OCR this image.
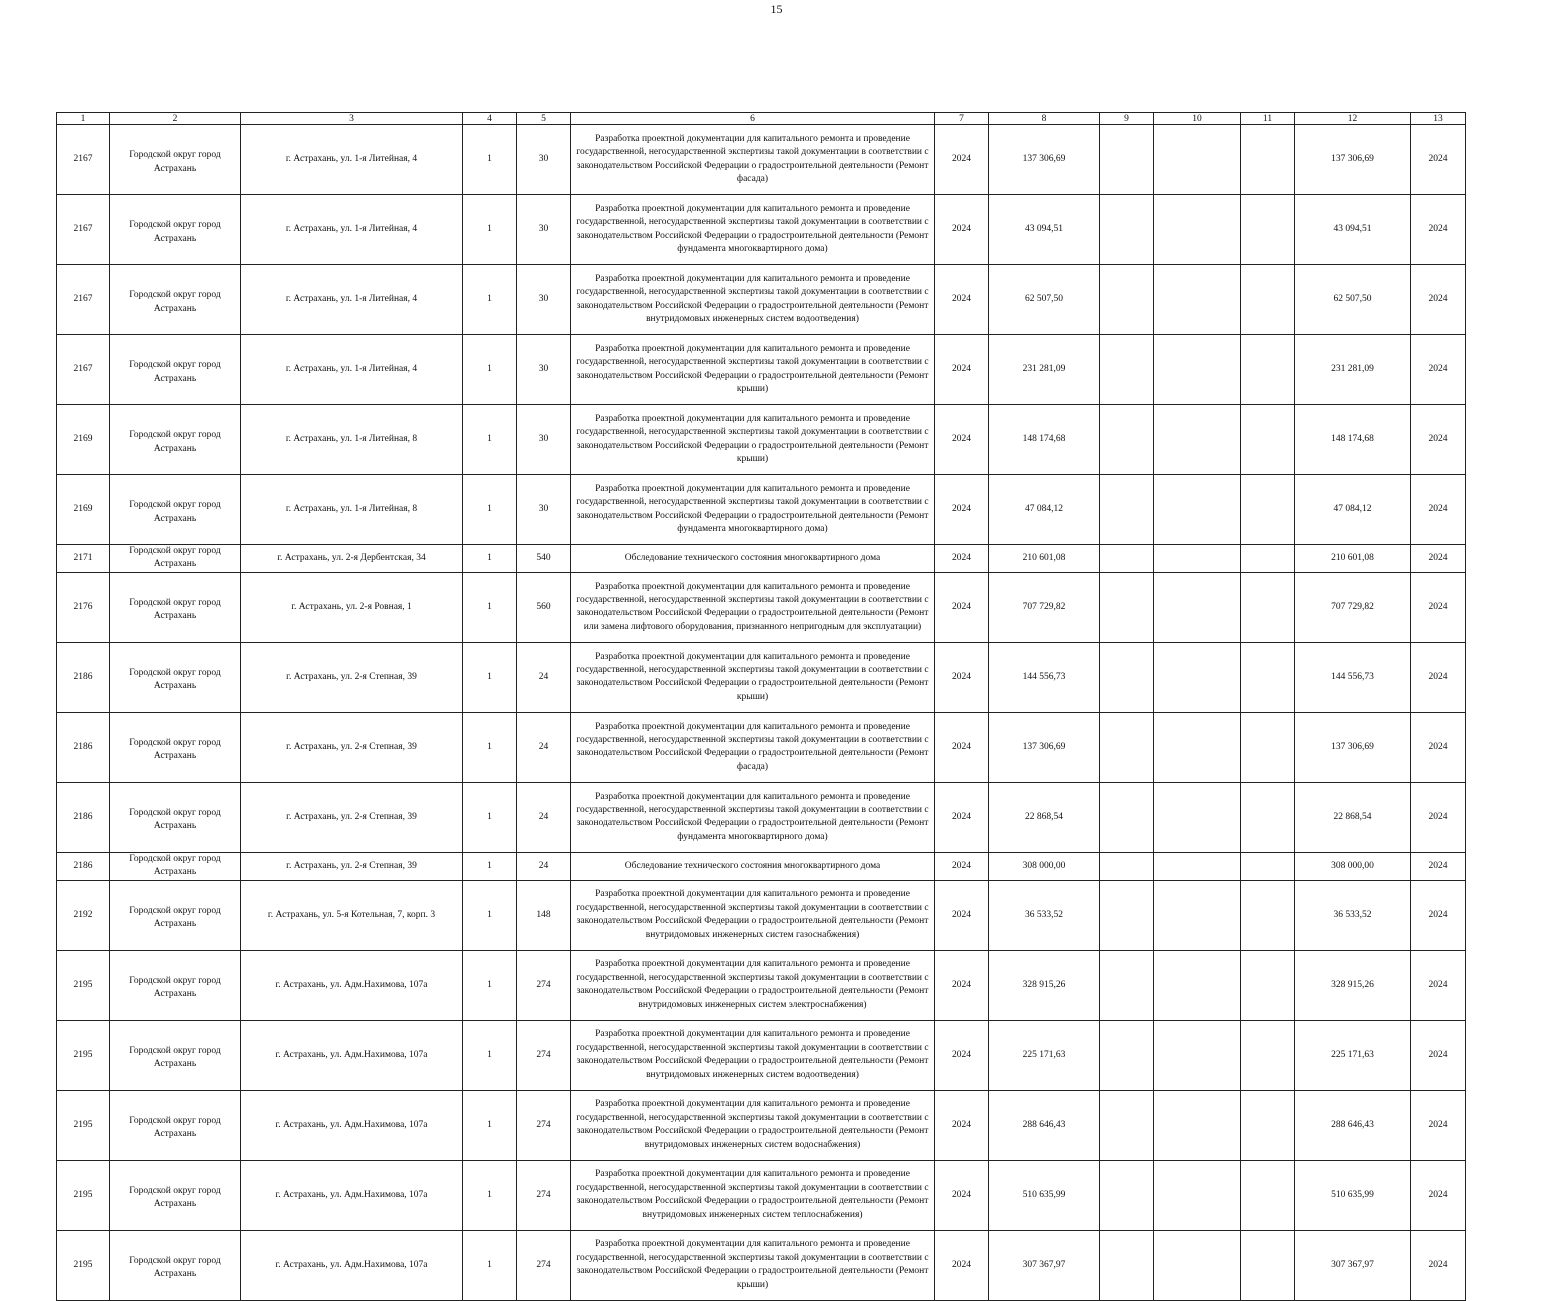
15
1	2	3	4	5	6	7	8	9	10	11	12	13
2167	Городской округ город Астрахань	г. Астрахань, ул. 1-я Литейная, 4	1	30	Разработка проектной документации для капитального ремонта и проведение государственной, негосударственной экспертизы такой документации в соответствии с законодательством Российской Федерации о градостроительной деятельности (Ремонт фасада)	2024	137 306,69				137 306,69	2024
2167	Городской округ город Астрахань	г. Астрахань, ул. 1-я Литейная, 4	1	30	Разработка проектной документации для капитального ремонта и проведение государственной, негосударственной экспертизы такой документации в соответствии с законодательством Российской Федерации о градостроительной деятельности (Ремонт фундамента многоквартирного дома)	2024	43 094,51				43 094,51	2024
2167	Городской округ город Астрахань	г. Астрахань, ул. 1-я Литейная, 4	1	30	Разработка проектной документации для капитального ремонта и проведение государственной, негосударственной экспертизы такой документации в соответствии с законодательством Российской Федерации о градостроительной деятельности (Ремонт внутридомовых инженерных систем водоотведения)	2024	62 507,50				62 507,50	2024
2167	Городской округ город Астрахань	г. Астрахань, ул. 1-я Литейная, 4	1	30	Разработка проектной документации для капитального ремонта и проведение государственной, негосударственной экспертизы такой документации в соответствии с законодательством Российской Федерации о градостроительной деятельности (Ремонт крыши)	2024	231 281,09				231 281,09	2024
2169	Городской округ город Астрахань	г. Астрахань, ул. 1-я Литейная, 8	1	30	Разработка проектной документации для капитального ремонта и проведение государственной, негосударственной экспертизы такой документации в соответствии с законодательством Российской Федерации о градостроительной деятельности (Ремонт крыши)	2024	148 174,68				148 174,68	2024
2169	Городской округ город Астрахань	г. Астрахань, ул. 1-я Литейная, 8	1	30	Разработка проектной документации для капитального ремонта и проведение государственной, негосударственной экспертизы такой документации в соответствии с законодательством Российской Федерации о градостроительной деятельности (Ремонт фундамента многоквартирного дома)	2024	47 084,12				47 084,12	2024
2171	Городской округ город Астрахань	г. Астрахань, ул. 2-я Дербентская, 34	1	540	Обследование технического состояния многоквартирного дома	2024	210 601,08				210 601,08	2024
2176	Городской округ город Астрахань	г. Астрахань, ул. 2-я Ровная, 1	1	560	Разработка проектной документации для капитального ремонта и проведение государственной, негосударственной экспертизы такой документации в соответствии с законодательством Российской Федерации о градостроительной деятельности (Ремонт или замена лифтового оборудования, признанного непригодным для эксплуатации)	2024	707 729,82				707 729,82	2024
2186	Городской округ город Астрахань	г. Астрахань, ул. 2-я Степная, 39	1	24	Разработка проектной документации для капитального ремонта и проведение государственной, негосударственной экспертизы такой документации в соответствии с законодательством Российской Федерации о градостроительной деятельности (Ремонт крыши)	2024	144 556,73				144 556,73	2024
2186	Городской округ город Астрахань	г. Астрахань, ул. 2-я Степная, 39	1	24	Разработка проектной документации для капитального ремонта и проведение государственной, негосударственной экспертизы такой документации в соответствии с законодательством Российской Федерации о градостроительной деятельности (Ремонт фасада)	2024	137 306,69				137 306,69	2024
2186	Городской округ город Астрахань	г. Астрахань, ул. 2-я Степная, 39	1	24	Разработка проектной документации для капитального ремонта и проведение государственной, негосударственной экспертизы такой документации в соответствии с законодательством Российской Федерации о градостроительной деятельности (Ремонт фундамента многоквартирного дома)	2024	22 868,54				22 868,54	2024
2186	Городской округ город Астрахань	г. Астрахань, ул. 2-я Степная, 39	1	24	Обследование технического состояния многоквартирного дома	2024	308 000,00				308 000,00	2024
2192	Городской округ город Астрахань	г. Астрахань, ул. 5-я Котельная, 7, корп. 3	1	148	Разработка проектной документации для капитального ремонта и проведение государственной, негосударственной экспертизы такой документации в соответствии с законодательством Российской Федерации о градостроительной деятельности (Ремонт внутридомовых инженерных систем газоснабжения)	2024	36 533,52				36 533,52	2024
2195	Городской округ город Астрахань	г. Астрахань, ул. Адм.Нахимова, 107а	1	274	Разработка проектной документации для капитального ремонта и проведение государственной, негосударственной экспертизы такой документации в соответствии с законодательством Российской Федерации о градостроительной деятельности (Ремонт внутридомовых инженерных систем электроснабжения)	2024	328 915,26				328 915,26	2024
2195	Городской округ город Астрахань	г. Астрахань, ул. Адм.Нахимова, 107а	1	274	Разработка проектной документации для капитального ремонта и проведение государственной, негосударственной экспертизы такой документации в соответствии с законодательством Российской Федерации о градостроительной деятельности (Ремонт внутридомовых инженерных систем водоотведения)	2024	225 171,63				225 171,63	2024
2195	Городской округ город Астрахань	г. Астрахань, ул. Адм.Нахимова, 107а	1	274	Разработка проектной документации для капитального ремонта и проведение государственной, негосударственной экспертизы такой документации в соответствии с законодательством Российской Федерации о градостроительной деятельности (Ремонт внутридомовых инженерных систем водоснабжения)	2024	288 646,43				288 646,43	2024
2195	Городской округ город Астрахань	г. Астрахань, ул. Адм.Нахимова, 107а	1	274	Разработка проектной документации для капитального ремонта и проведение государственной, негосударственной экспертизы такой документации в соответствии с законодательством Российской Федерации о градостроительной деятельности (Ремонт внутридомовых инженерных систем теплоснабжения)	2024	510 635,99				510 635,99	2024
2195	Городской округ город Астрахань	г. Астрахань, ул. Адм.Нахимова, 107а	1	274	Разработка проектной документации для капитального ремонта и проведение государственной, негосударственной экспертизы такой документации в соответствии с законодательством Российской Федерации о градостроительной деятельности (Ремонт крыши)	2024	307 367,97				307 367,97	2024
